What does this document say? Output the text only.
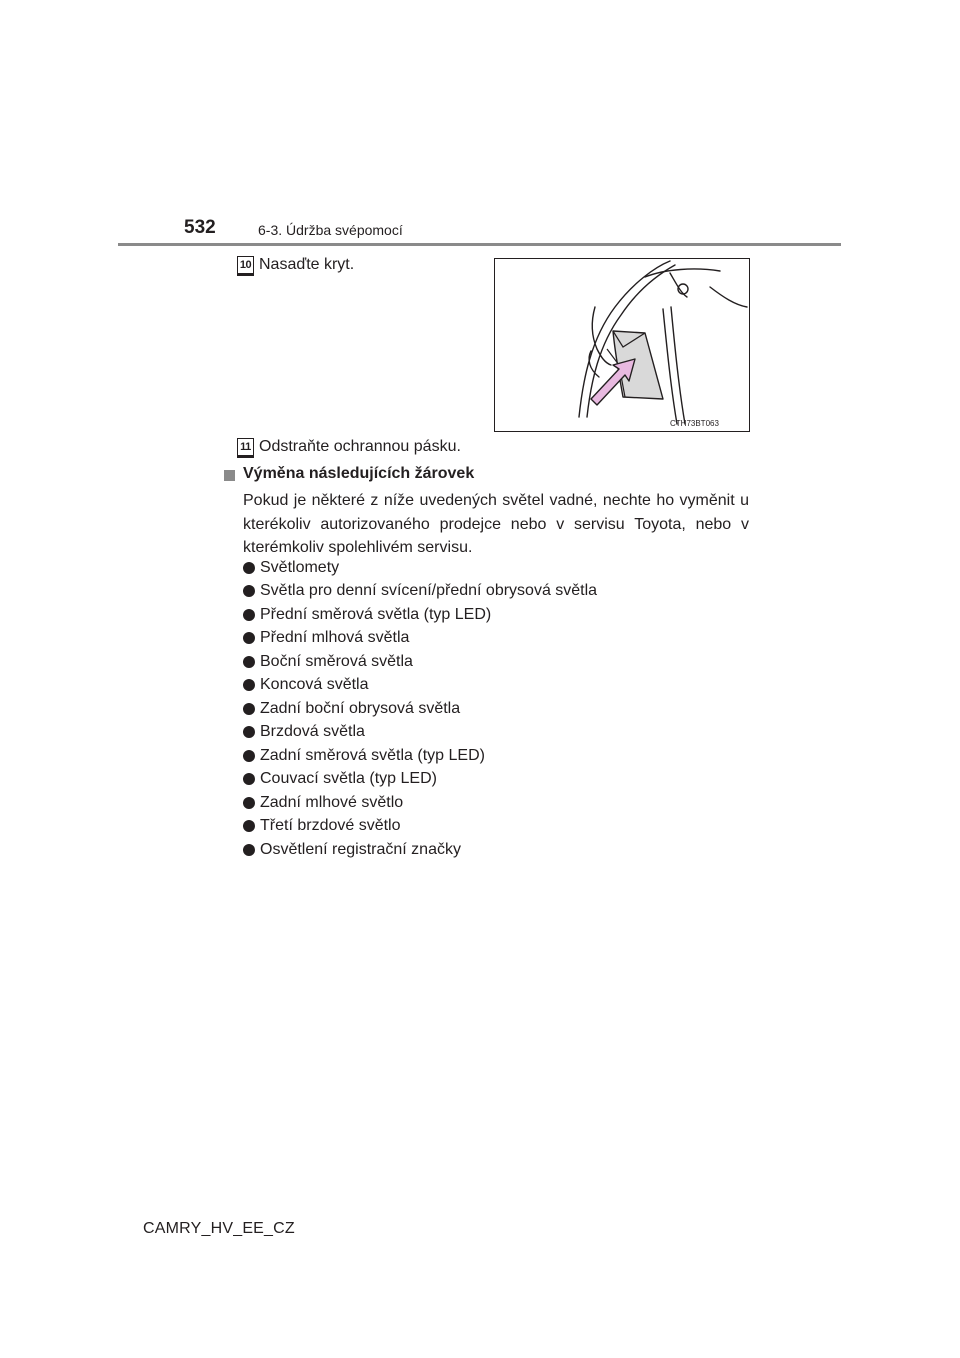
532	6-3. Údržba svépomocí
10 Nasaďte kryt.
CTH73BT063
11 Odstraňte ochrannou pásku.
Výměna následujících žárovek
Pokud je některé z níže uvedených světel vadné, nechte ho vyměnit u kterékoliv autorizovaného prodejce nebo v servisu Toyota, nebo v kterémkoliv spolehlivém servisu.
Světlomety
Světla pro denní svícení/přední obrysová světla
Přední směrová světla (typ LED)
Přední mlhová světla
Boční směrová světla
Koncová světla
Zadní boční obrysová světla
Brzdová světla
Zadní směrová světla (typ LED)
Couvací světla (typ LED)
Zadní mlhové světlo
Třetí brzdové světlo
Osvětlení registrační značky
CAMRY_HV_EE_CZ
